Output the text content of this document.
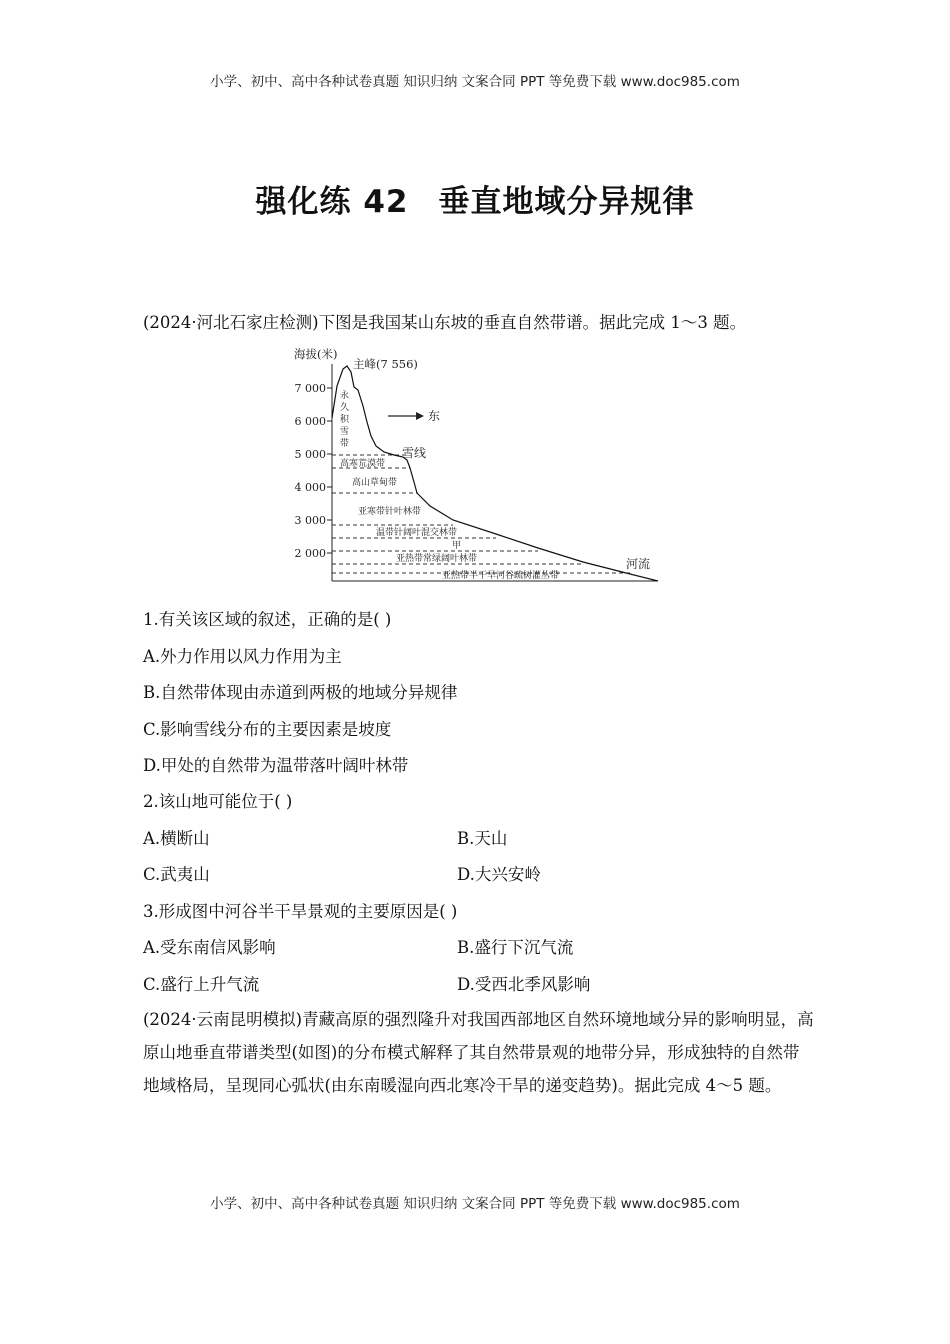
小学、初中、高中各种试卷真题 知识归纳 文案合同 PPT 等免费下载 www.doc985.com
强化练 42 垂直地域分异规律
(2024·河北石家庄检测)下图是我国某山东坡的垂直自然带谱。据此完成 1～3 题。
海拔(米)
7 000
6 000
5 000
4 000
3 000
2 000
主峰(7 556)
永
久
积
雪
带
东
雪线
高寒荒漠带
高山草甸带
亚寒带针叶林带
温带针阔叶混交林带
甲
亚热带常绿阔叶林带
亚热带半干旱河谷疏树灌丛带
河流
1.有关该区域的叙述，正确的是( )
A.外力作用以风力作用为主
B.自然带体现由赤道到两极的地域分异规律
C.影响雪线分布的主要因素是坡度
D.甲处的自然带为温带落叶阔叶林带
2.该山地可能位于( )
A.横断山	B.天山
C.武夷山	D.大兴安岭
3.形成图中河谷半干旱景观的主要原因是( )
A.受东南信风影响	B.盛行下沉气流
C.盛行上升气流	D.受西北季风影响
(2024·云南昆明模拟)青藏高原的强烈隆升对我国西部地区自然环境地域分异的影响明显，高原山地垂直带谱类型(如图)的分布模式解释了其自然带景观的地带分异，形成独特的自然带地域格局，呈现同心弧状(由东南暖湿向西北寒冷干旱的递变趋势)。据此完成 4～5 题。
小学、初中、高中各种试卷真题 知识归纳 文案合同 PPT 等免费下载 www.doc985.com
